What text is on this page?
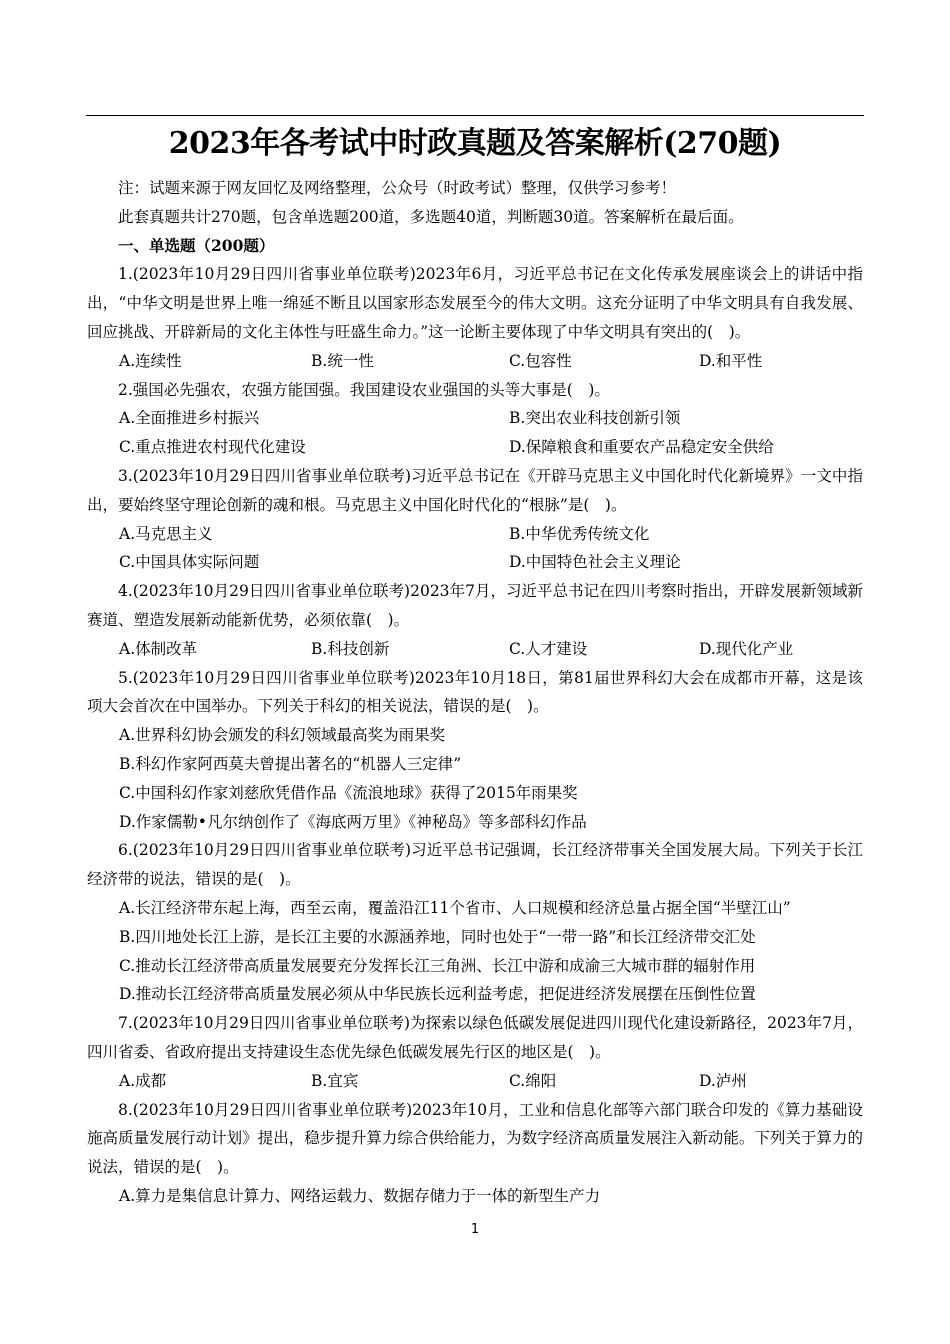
2023年各考试中时政真题及答案解析(270题)
注：试题来源于网友回忆及网络整理，公众号（时政考试）整理，仅供学习参考！
此套真题共计270题，包含单选题200道，多选题40道，判断题30道。答案解析在最后面。
一、单选题（200题）
1.(2023年10月29日四川省事业单位联考)2023年6月，习近平总书记在文化传承发展座谈会上的讲话中指出，“中华文明是世界上唯一绵延不断且以国家形态发展至今的伟大文明。这充分证明了中华文明具有自我发展、回应挑战、开辟新局的文化主体性与旺盛生命力。”这一论断主要体现了中华文明具有突出的(　)。
A.连续性	B.统一性	C.包容性	D.和平性
2.强国必先强农，农强方能国强。我国建设农业强国的头等大事是(　)。
A.全面推进乡村振兴	B.突出农业科技创新引领
C.重点推进农村现代化建设	D.保障粮食和重要农产品稳定安全供给
3.(2023年10月29日四川省事业单位联考)习近平总书记在《开辟马克思主义中国化时代化新境界》一文中指出，要始终坚守理论创新的魂和根。马克思主义中国化时代化的“根脉”是(　)。
A.马克思主义	B.中华优秀传统文化
C.中国具体实际问题	D.中国特色社会主义理论
4.(2023年10月29日四川省事业单位联考)2023年7月，习近平总书记在四川考察时指出，开辟发展新领域新赛道、塑造发展新动能新优势，必须依靠(　)。
A.体制改革	B.科技创新	C.人才建设	D.现代化产业
5.(2023年10月29日四川省事业单位联考)2023年10月18日，第81届世界科幻大会在成都市开幕，这是该项大会首次在中国举办。下列关于科幻的相关说法，错误的是(　)。
A.世界科幻协会颁发的科幻领域最高奖为雨果奖
B.科幻作家阿西莫夫曾提出著名的“机器人三定律”
C.中国科幻作家刘慈欣凭借作品《流浪地球》获得了2015年雨果奖
D.作家儒勒•凡尔纳创作了《海底两万里》《神秘岛》等多部科幻作品
6.(2023年10月29日四川省事业单位联考)习近平总书记强调，长江经济带事关全国发展大局。下列关于长江经济带的说法，错误的是(　)。
A.长江经济带东起上海，西至云南，覆盖沿江11个省市、人口规模和经济总量占据全国“半壁江山”
B.四川地处长江上游，是长江主要的水源涵养地，同时也处于“一带一路”和长江经济带交汇处
C.推动长江经济带高质量发展要充分发挥长江三角洲、长江中游和成渝三大城市群的辐射作用
D.推动长江经济带高质量发展必须从中华民族长远利益考虑，把促进经济发展摆在压倒性位置
7.(2023年10月29日四川省事业单位联考)为探索以绿色低碳发展促进四川现代化建设新路径，2023年7月，四川省委、省政府提出支持建设生态优先绿色低碳发展先行区的地区是(　)。
A.成都	B.宜宾	C.绵阳	D.泸州
8.(2023年10月29日四川省事业单位联考)2023年10月，工业和信息化部等六部门联合印发的《算力基础设施高质量发展行动计划》提出，稳步提升算力综合供给能力，为数字经济高质量发展注入新动能。下列关于算力的说法，错误的是(　)。
A.算力是集信息计算力、网络运载力、数据存储力于一体的新型生产力
1
